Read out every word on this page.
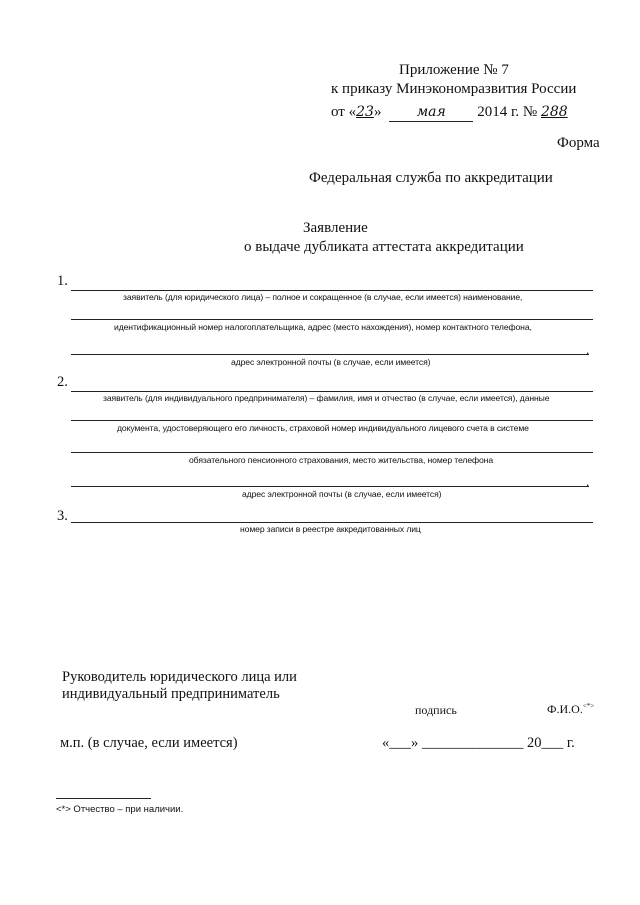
Приложение № 7
к приказу Минэкономразвития России
от «23»	мая 2014 г. № 288
Форма
Федеральная служба по аккредитации
Заявление
о выдаче дубликата аттестата аккредитации
1.
заявитель (для юридического лица) – полное и сокращенное (в случае, если имеется) наименование,
идентификационный номер налогоплательщика, адрес (место нахождения), номер контактного телефона,
.
адрес электронной почты (в случае, если имеется)
2.
заявитель (для индивидуального предпринимателя) – фамилия, имя и отчество (в случае, если имеется), данные
документа, удостоверяющего его личность, страховой номер индивидуального лицевого счета в системе
обязательного пенсионного страхования, место жительства, номер телефона
.
адрес электронной почты (в случае, если имеется)
3.
номер записи в реестре аккредитованных лиц
Руководитель юридического лица или
индивидуальный предприниматель
подпись	Ф.И.О.<*>
м.п. (в случае, если имеется)	«___» ______________ 20___ г.
<*> Отчество – при наличии.
